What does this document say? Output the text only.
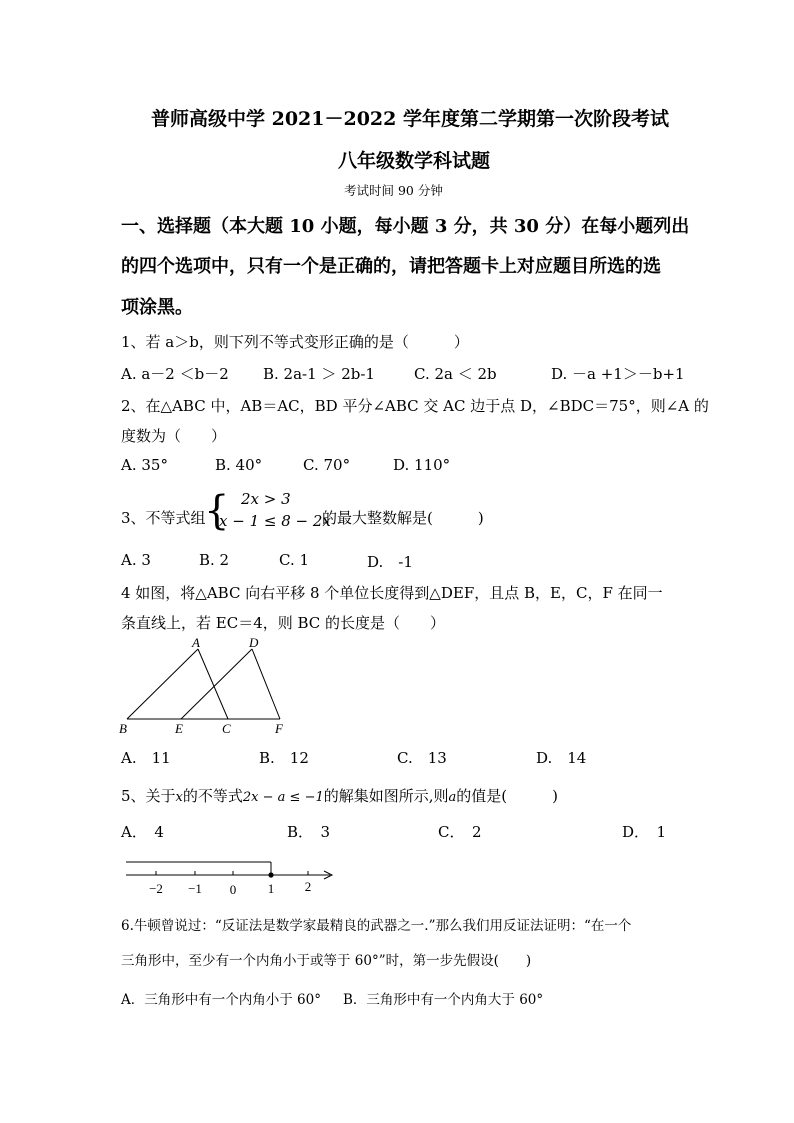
普师高级中学 2021－2022 学年度第二学期第一次阶段考试
八年级数学科试题
考试时间 90 分钟
一、选择题（本大题 10 小题，每小题 3 分，共 30 分）在每小题列出
的四个选项中，只有一个是正确的，请把答题卡上对应题目所选的选
项涂黑。
1、若 a＞b，则下列不等式变形正确的是（　　　）
A. a－2 ＜b－2 B. 2a-1 ＞ 2b-1	C. 2a ＜ 2b	D. －a +1＞－b+1
2、在△ABC 中，AB＝AC，BD 平分∠ABC 交 AC 边于点 D，∠BDC＝75°，则∠A 的
度数为（　　）
A. 35°	B. 40°	C. 70°	D. 110°
3、不等式组
{ 2x > 3
x − 1 ≤ 8 − 2x
的最大整数解是(　　　)
A. 3	B. 2	C. 1	D.　-1
4 如图，将△ABC 向右平移 8 个单位长度得到△DEF，且点 B，E，C，F 在同一
条直线上，若 EC＝4，则 BC 的长度是（　　）
A	D
B	E	C	F
A.　11	B.　12	C.　13	D.　14
5、关于x的不等式2x − a ≤ −1的解集如图所示,则a的值是(　　　)
A．　4	B．　3	C．　2	D．　1
−2 −1 0 1 2
6.牛顿曾说过：“反证法是数学家最精良的武器之一.”那么我们用反证法证明：“在一个
三角形中，至少有一个内角小于或等于 60°”时，第一步先假设(　　)
A．三角形中有一个内角小于 60° B．三角形中有一个内角大于 60°
